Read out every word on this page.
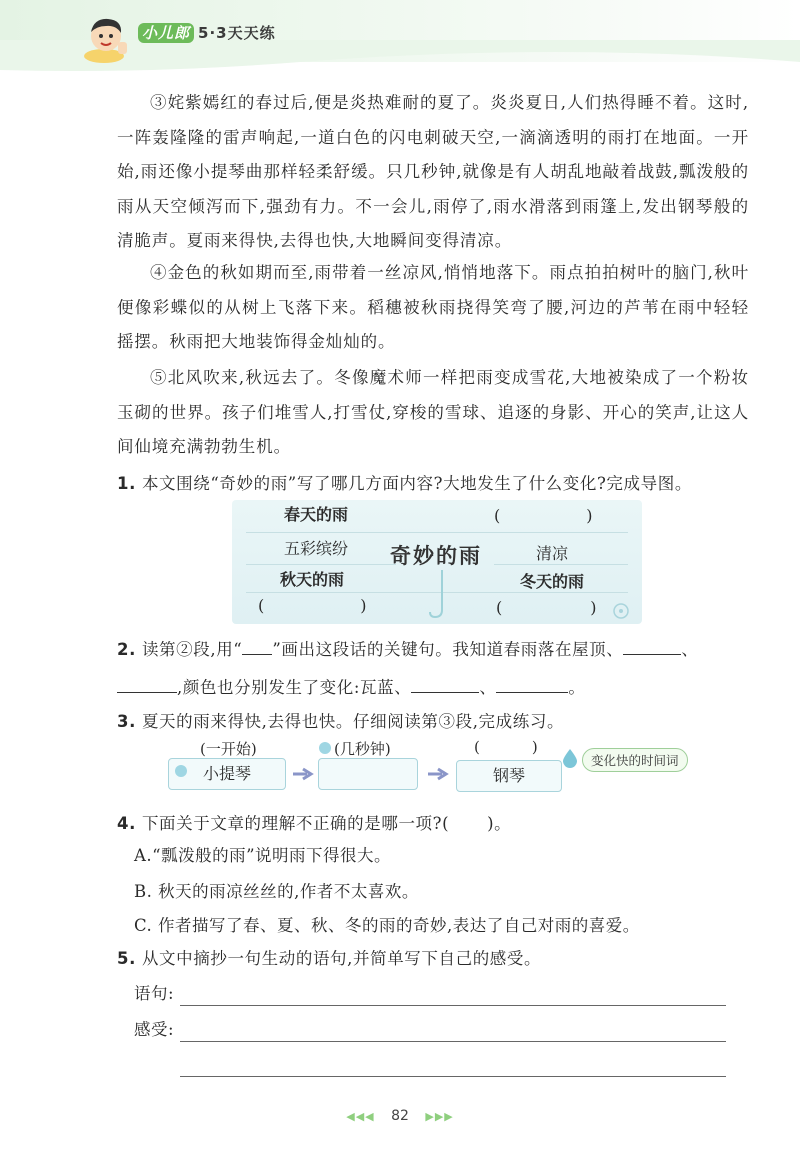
小儿郎 5·3天天练

③姹紫嫣红的春过后,便是炎热难耐的夏了。炎炎夏日,人们热得睡不着。这时,一阵轰隆隆的雷声响起,一道白色的闪电刺破天空,一滴滴透明的雨打在地面。一开始,雨还像小提琴曲那样轻柔舒缓。只几秒钟,就像是有人胡乱地敲着战鼓,瓢泼般的雨从天空倾泻而下,强劲有力。不一会儿,雨停了,雨水滑落到雨篷上,发出钢琴般的清脆声。夏雨来得快,去得也快,大地瞬间变得清凉。

④金色的秋如期而至,雨带着一丝凉风,悄悄地落下。雨点拍拍树叶的脑门,秋叶便像彩蝶似的从树上飞落下来。稻穗被秋雨挠得笑弯了腰,河边的芦苇在雨中轻轻摇摆。秋雨把大地装饰得金灿灿的。

⑤北风吹来,秋远去了。冬像魔术师一样把雨变成雪花,大地被染成了一个粉妆玉砌的世界。孩子们堆雪人,打雪仗,穿梭的雪球、追逐的身影、开心的笑声,让这人间仙境充满勃勃生机。

1. 本文围绕“奇妙的雨”写了哪几方面内容?大地发生了什么变化?完成导图。
春天的雨	(	)
五彩缤纷 奇妙的雨	清凉
秋天的雨	冬天的雨
(	)	(	)
2. 读第②段,用“ ”画出这段话的关键句。我知道春雨落在屋顶、	、
,颜色也分别发生了变化:瓦蓝、	、	。
3. 夏天的雨来得快,去得也快。仔细阅读第③段,完成练习。
(一开始)	(几秒钟)	(	)
小提琴	钢琴
变化快的时间词
4. 下面关于文章的理解不正确的是哪一项?( )。
A.“瓢泼般的雨”说明雨下得很大。
B. 秋天的雨凉丝丝的,作者不太喜欢。
C. 作者描写了春、夏、秋、冬的雨的奇妙,表达了自己对雨的喜爱。
5. 从文中摘抄一句生动的语句,并简单写下自己的感受。
语句:
感受:
◀◀◀ 82 ▶▶▶
